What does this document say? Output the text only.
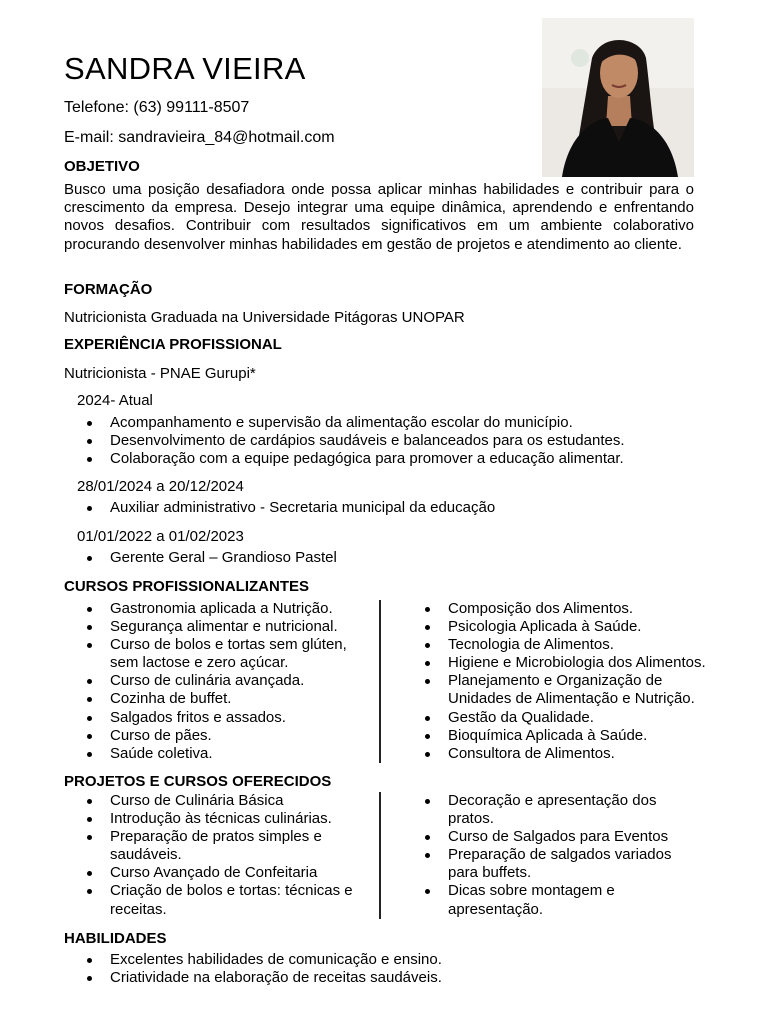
SANDRA VIEIRA
Telefone: (63) 99111-8507
E-mail: sandravieira_84@hotmail.com
OBJETIVO
Busco uma posição desafiadora onde possa aplicar minhas habilidades e contribuir para o crescimento da empresa. Desejo integrar uma equipe dinâmica, aprendendo e enfrentando novos desafios. Contribuir com resultados significativos em um ambiente colaborativo procurando desenvolver minhas habilidades em gestão de projetos e atendimento ao cliente.
FORMAÇÃO
Nutricionista Graduada na Universidade Pitágoras UNOPAR
EXPERIÊNCIA PROFISSIONAL
Nutricionista - PNAE Gurupi*
2024- Atual
Acompanhamento e supervisão da alimentação escolar do município.
Desenvolvimento de cardápios saudáveis e balanceados para os estudantes.
Colaboração com a equipe pedagógica para promover a educação alimentar.
28/01/2024 a 20/12/2024
Auxiliar administrativo - Secretaria municipal da educação
01/01/2022 a 01/02/2023
Gerente Geral – Grandioso Pastel
CURSOS PROFISSIONALIZANTES
Gastronomia aplicada a Nutrição.
Segurança alimentar e nutricional.
Curso de bolos e tortas sem glúten, sem lactose e zero açúcar.
Curso de culinária avançada.
Cozinha de buffet.
Salgados fritos e assados.
Curso de pães.
Saúde coletiva.
Composição dos Alimentos.
Psicologia Aplicada à Saúde.
Tecnologia de Alimentos.
Higiene e Microbiologia dos Alimentos.
Planejamento e Organização de Unidades de Alimentação e Nutrição.
Gestão da Qualidade.
Bioquímica Aplicada à Saúde.
Consultora de Alimentos.
PROJETOS E CURSOS OFERECIDOS
Curso de Culinária Básica
Introdução às técnicas culinárias.
Preparação de pratos simples e saudáveis.
Curso Avançado de Confeitaria
Criação de bolos e tortas: técnicas e receitas.
Decoração e apresentação dos pratos.
Curso de Salgados para Eventos
Preparação de salgados variados para buffets.
Dicas sobre montagem e apresentação.
HABILIDADES
Excelentes habilidades de comunicação e ensino.
Criatividade na elaboração de receitas saudáveis.
